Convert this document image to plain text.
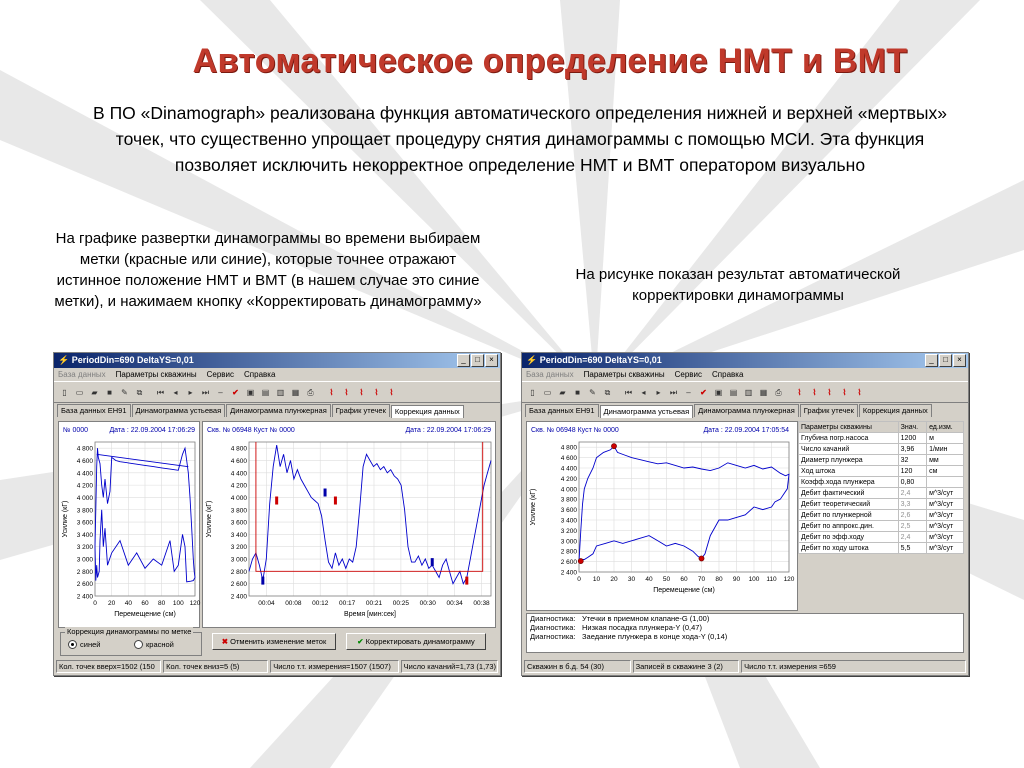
Автоматическое определение НМТ и ВМТ
В ПО «Dinamograph» реализована функция автоматического определения нижней и верхней «мертвых» точек, что существенно упрощает процедуру снятия динамограммы с помощью МСИ. Эта функция позволяет исключить некорректное определение НМТ и ВМТ оператором визуально
На графике развертки динамограммы во времени выбираем метки (красные или синие), которые точнее отражают истинное положение НМТ и ВМТ (в нашем случае это синие метки), и нажимаем кнопку «Корректировать динамограмму»
На рисунке показан результат автоматической корректировки динамограммы
⚡ PeriodDin=690 DeltaYS=0,01	_	□	×
База данных Параметры скважины Сервис Справка
▯	▭	▰	■	✎	⧉	⏮	◂	▸	⏭	–	✔ ▣ ▤ ▥ ▦	⎙	⌇	⌇	⌇	⌇	⌇
База данных ЕН91	Динамограмма устьевая	Динамограмма плунжерная	График утечек	Коррекция данных
№ 0000	Дата : 22.09.2004 17:06:29
2 400
2 600
2 800
3 000
3 200
3 400
3 600
3 800
4 000
4 200
4 400
4 600
4 800
0 20 40 60 80 100 120
Перемещение (см)
Усилие (кГ)
Скв. № 06948 Куст № 0000	Дата : 22.09.2004 17:06:29
2 400
2 600
2 800
3 000
3 200
3 400
3 600
3 800
4 000
4 200
4 400
4 600
4 800
00:04 00:08 00:12 00:17 00:21 00:25 00:30 00:34 00:38
Время [мин:сек]
Усилие (кГ)
Коррекция динамограммы по метке
синей	красной	✖ Отменить изменение меток	✔ Корректировать динамограмму
Кол. точек вверх=1502 (150	Кол. точек вниз=5 (5)	Число т.т. измерения=1507 (1507)	Число качаний=1,73 (1,73)
⚡ PeriodDin=690 DeltaYS=0,01	_	□	×
База данных Параметры скважины Сервис Справка
▯	▭	▰	■	✎	⧉	⏮	◂	▸	⏭	–	✔ ▣ ▤ ▥ ▦	⎙	⌇	⌇	⌇	⌇	⌇
База данных ЕН91	Динамограмма устьевая	Динамограмма плунжерная	График утечек	Коррекция данных
Скв. № 06948 Куст № 0000	Дата : 22.09.2004 17:05:54
2 400
2 600
2 800
3 000
3 200
3 400
3 600
3 800
4 000
4 200
4 400
4 600
4 800
0 10 20 30 40 50 60 70 80 90 100 110 120
Перемещение (см)
Усилие (кГ)
Параметры скважины	Знач.	ед.изм.
Глубина погр.насоса	1200	м
Число качаний	3,96	1/мин
Диаметр плунжера	32	мм
Ход штока	120	см
Коэфф.хода плунжера	0,80	
Дебит фактический	2,4	м^3/сут
Дебит теоретический	3,3	м^3/сут
Дебит по плунжерной	2,6	м^3/сут
Дебит по аппрокс.дин.	2,5	м^3/сут
Дебит по эфф.ходу	2,4	м^3/сут
Дебит по ходу штока	5,5	м^3/сут
Диагностика: Утечки в приемном клапане-G (1,00)
Диагностика: Низкая посадка плунжера-Y (0,47)
Диагностика: Заедание плунжера в конце хода-Y (0,14)
Скважин в б.д. 54 (30)	Записей в скважине 3 (2)	Число т.т. измерения =659
